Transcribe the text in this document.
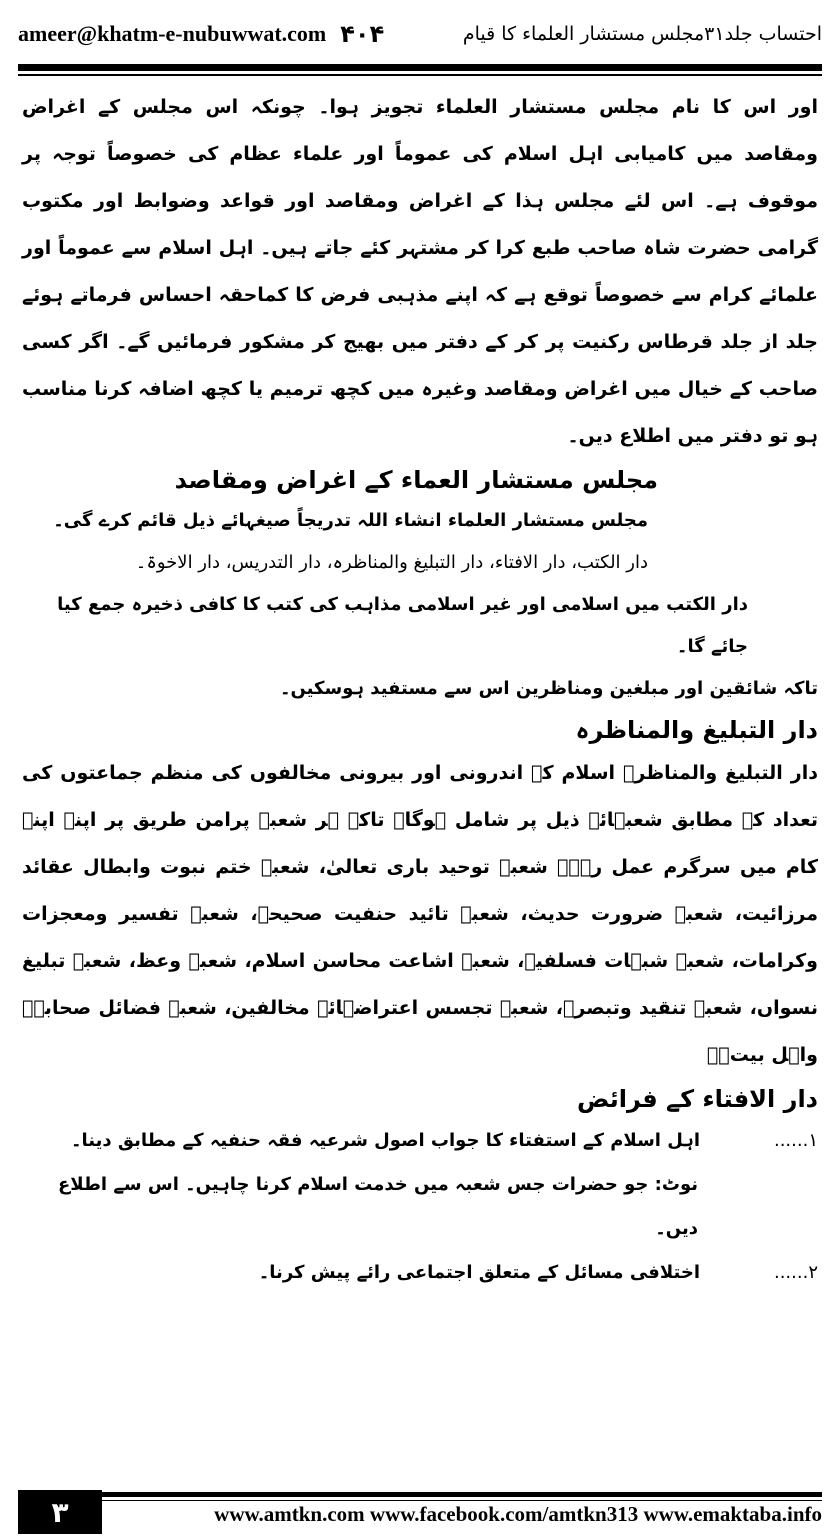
ameer@khatm-e-nubuwwat.com ۴۰۴	احتساب جلد۳۱مجلس مستشار العلماء کا قیام

اور اس کا نام مجلس مستشار العلماء تجویز ہوا۔ چونکہ اس مجلس کے اغراض ومقاصد میں کامیابی اہل اسلام کی عموماً اور علماء عظام کی خصوصاً توجہ پر موقوف ہے۔ اس لئے مجلس ہذا کے اغراض ومقاصد اور قواعد وضوابط اور مکتوب گرامی حضرت شاہ صاحب طبع کرا کر مشتہر کئے جاتے ہیں۔ اہل اسلام سے عموماً اور علمائے کرام سے خصوصاً توقع ہے کہ اپنے مذہبی فرض کا کماحقہ احساس فرماتے ہوئے جلد از جلد قرطاس رکنیت پر کر کے دفتر میں بھیج کر مشکور فرمائیں گے۔ اگر کسی صاحب کے خیال میں اغراض ومقاصد وغیرہ میں کچھ ترمیم یا کچھ اضافہ کرنا مناسب ہو تو دفتر میں اطلاع دیں۔

مجلس مستشار العماء کے اغراض ومقاصد

مجلس مستشار العلماء انشاء اللہ تدریجاً صیغہائے ذیل قائم کرے گی۔

دار الکتب، دار الافتاء، دار التبلیغ والمناظرہ، دار التدریس، دار الاخوۃ۔

دار الکتب میں اسلامی اور غیر اسلامی مذاہب کی کتب کا کافی ذخیرہ جمع کیا جائے گا۔

تاکہ شائقین اور مبلغین ومناظرین اس سے مستفید ہوسکیں۔

دار التبلیغ والمناظرہ

دار التبلیغ والمناظرہ اسلام کے اندرونی اور بیرونی مخالفوں کی منظم جماعتوں کی تعداد کے مطابق شعبہائے ذیل پر شامل ہوگا۔ تاکہ ہر شعبہ پرامن طریق پر اپنے اپنے کام میں سرگرم عمل رہے۔ شعبہ توحید باری تعالیٰ، شعبہ ختم نبوت وابطال عقائد مرزائیت، شعبہ ضرورت حدیث، شعبہ تائید حنفیت صحیحہ، شعبہ تفسیر ومعجزات وکرامات، شعبہ شبہات فسلفیہ، شعبہ اشاعت محاسن اسلام، شعبہ وعظ، شعبہ تبلیغ نسواں، شعبہ تنقید وتبصرہ، شعبہ تجسس اعتراضہائے مخالفین، شعبہ فضائل صحابہؓ واہل بیتؓ۔

دار الافتاء کے فرائض

۱......
اہل اسلام کے استفتاء کا جواب اصول شرعیہ فقہ حنفیہ کے مطابق دینا۔

نوٹ: جو حضرات جس شعبہ میں خدمت اسلام کرنا چاہیں۔ اس سے اطلاع دیں۔

۲......
اختلافی مسائل کے متعلق اجتماعی رائے پیش کرنا۔
۳	www.amtkn.com www.facebook.com/amtkn313 www.emaktaba.info
